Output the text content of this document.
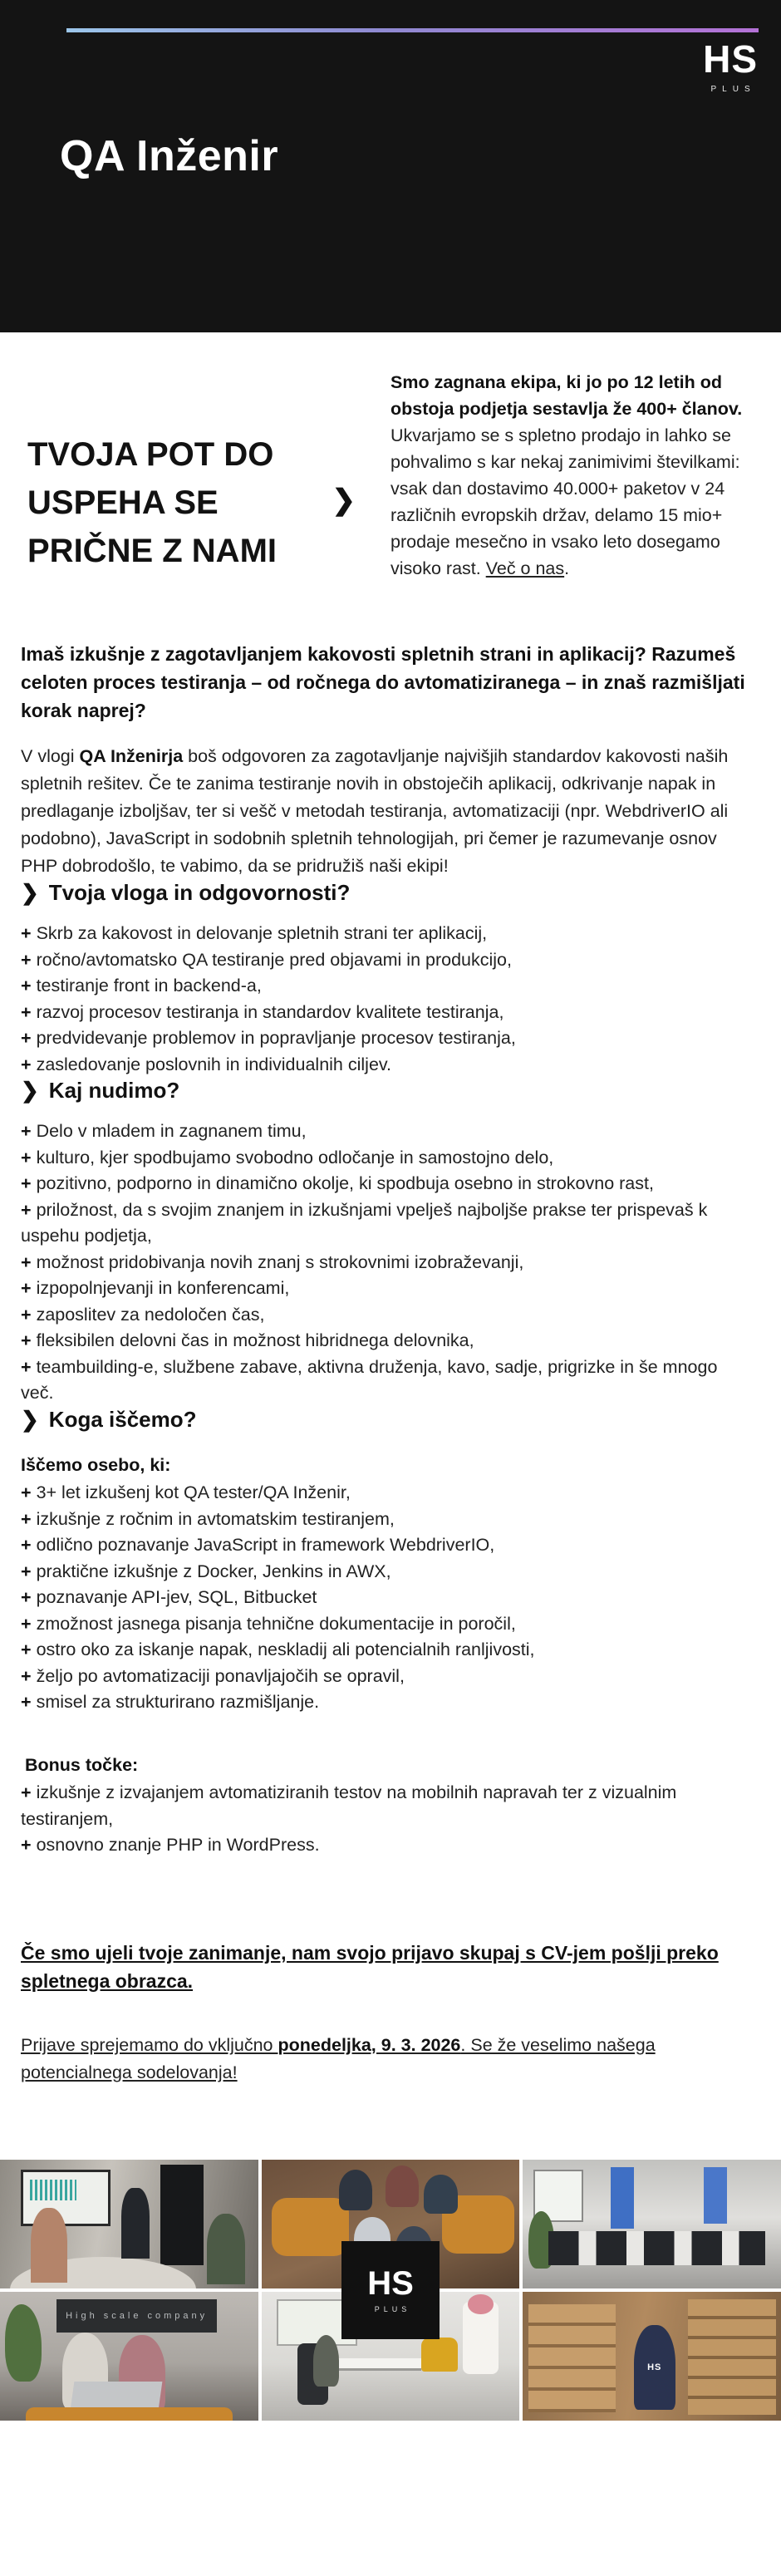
HS
PLUS
QA Inženir
TVOJA POT DO
USPEHA SE
PRIČNE Z NAMI
❯
Smo zagnana ekipa, ki jo po 12 letih od obstoja podjetja sestavlja že 400+ članov. Ukvarjamo se s spletno prodajo in lahko se pohvalimo s kar nekaj zanimivimi številkami: vsak dan dostavimo 40.000+ paketov v 24 različnih evropskih držav, delamo 15 mio+ prodaje mesečno in vsako leto dosegamo visoko rast. Več o nas.
Imaš izkušnje z zagotavljanjem kakovosti spletnih strani in aplikacij? Razumeš celoten proces testiranja – od ročnega do avtomatiziranega – in znaš razmišljati korak naprej?
V vlogi QA Inženirja boš odgovoren za zagotavljanje najvišjih standardov kakovosti naših spletnih rešitev. Če te zanima testiranje novih in obstoječih aplikacij, odkrivanje napak in predlaganje izboljšav, ter si vešč v metodah testiranja, avtomatizaciji (npr. WebdriverIO ali podobno), JavaScript in sodobnih spletnih tehnologijah, pri čemer je razumevanje osnov PHP dobrodošlo, te vabimo, da se pridružiš naši ekipi!
❯ Tvoja vloga in odgovornosti?
+ Skrb za kakovost in delovanje spletnih strani ter aplikacij,
+ ročno/avtomatsko QA testiranje pred objavami in produkcijo,
+ testiranje front in backend-a,
+ razvoj procesov testiranja in standardov kvalitete testiranja,
+ predvidevanje problemov in popravljanje procesov testiranja,
+ zasledovanje poslovnih in individualnih ciljev.
❯ Kaj nudimo?
+ Delo v mladem in zagnanem timu,
+ kulturo, kjer spodbujamo svobodno odločanje in samostojno delo,
+ pozitivno, podporno in dinamično okolje, ki spodbuja osebno in strokovno rast,
+ priložnost, da s svojim znanjem in izkušnjami vpelješ najboljše prakse ter prispevaš k uspehu podjetja,
+ možnost pridobivanja novih znanj s strokovnimi izobraževanji,
+ izpopolnjevanji in konferencami,
+ zaposlitev za nedoločen čas,
+ fleksibilen delovni čas in možnost hibridnega delovnika,
+ teambuilding-e, službene zabave, aktivna druženja, kavo, sadje, prigrizke in še mnogo več.
❯ Koga iščemo?
Iščemo osebo, ki:
+ 3+ let izkušenj kot QA tester/QA Inženir,
+ izkušnje z ročnim in avtomatskim testiranjem,
+ odlično poznavanje JavaScript in framework WebdriverIO,
+ praktične izkušnje z Docker, Jenkins in AWX,
+ poznavanje API-jev, SQL, Bitbucket
+ zmožnost jasnega pisanja tehnične dokumentacije in poročil,
+ ostro oko za iskanje napak, neskladij ali potencialnih ranljivosti,
+ željo po avtomatizaciji ponavljajočih se opravil,
+ smisel za strukturirano razmišljanje.
Bonus točke:
+ izkušnje z izvajanjem avtomatiziranih testov na mobilnih napravah ter z vizualnim testiranjem,
+ osnovno znanje PHP in WordPress.
Če smo ujeli tvoje zanimanje, nam svojo prijavo skupaj s CV-jem pošlji preko spletnega obrazca.
Prijave sprejemamo do vključno ponedeljka, 9. 3. 2026. Se že veselimo našega potencialnega sodelovanja!
High scale company
HS
HS
PLUS
